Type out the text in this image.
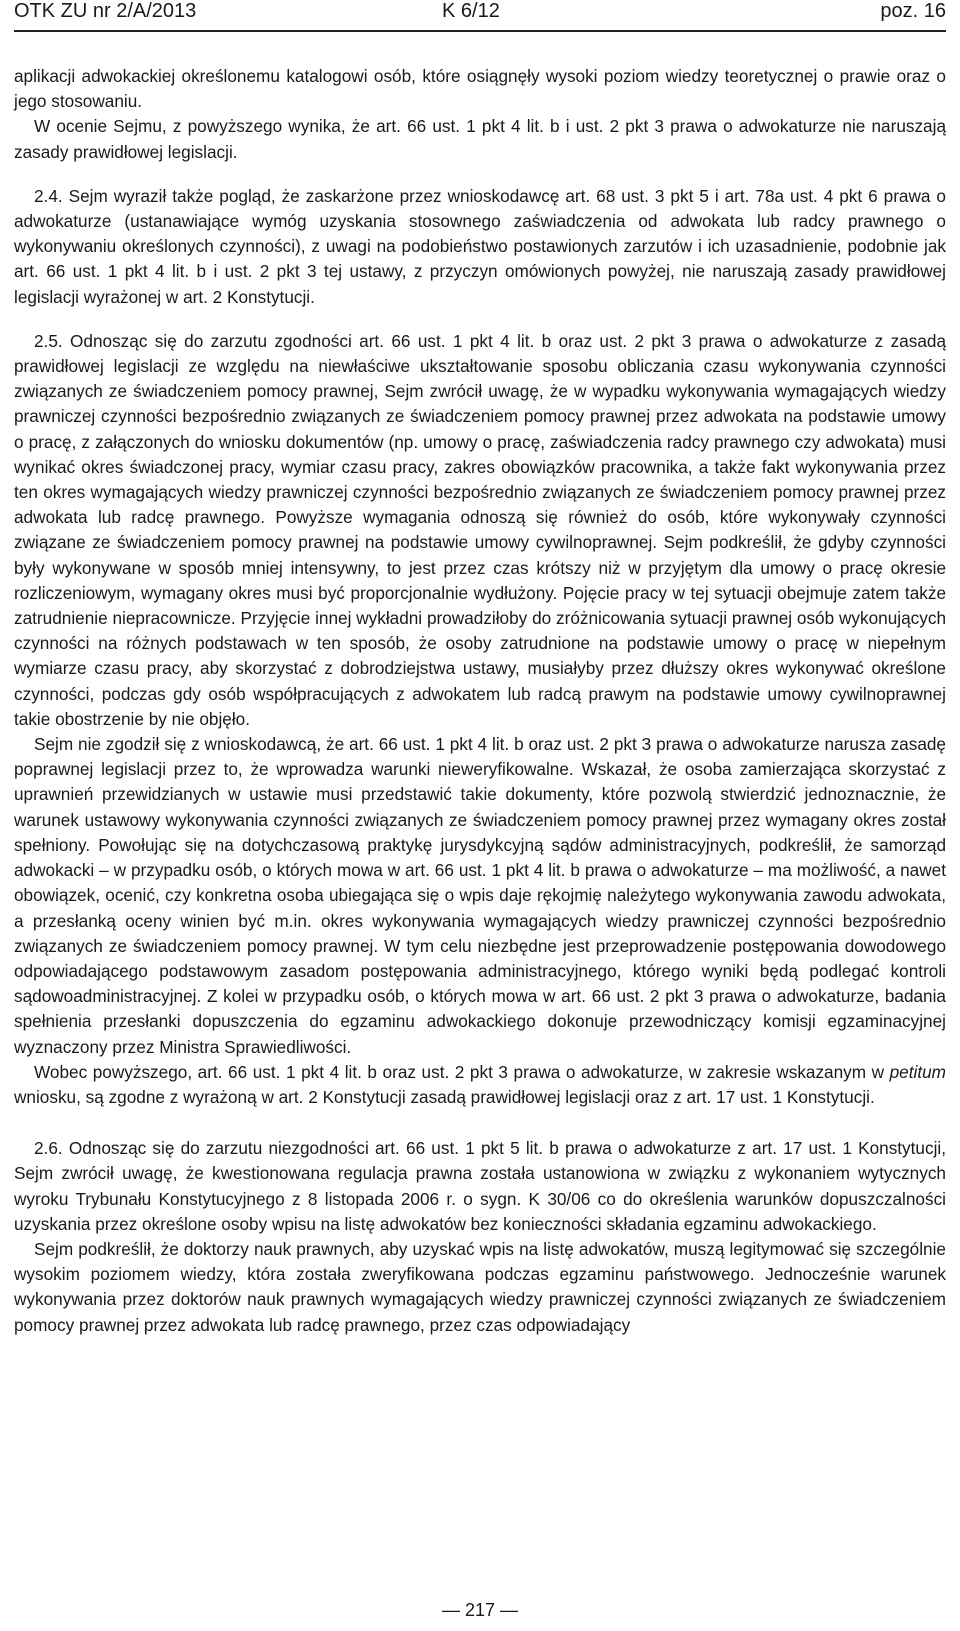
OTK ZU nr 2/A/2013	K 6/12	poz. 16

aplikacji adwokackiej określonemu katalogowi osób, które osiągnęły wysoki poziom wiedzy teoretycznej o prawie oraz o jego stosowaniu.

W ocenie Sejmu, z powyższego wynika, że art. 66 ust. 1 pkt 4 lit. b i ust. 2 pkt 3 prawa o adwokaturze nie naruszają zasady prawidłowej legislacji.

2.4. Sejm wyraził także pogląd, że zaskarżone przez wnioskodawcę art. 68 ust. 3 pkt 5 i art. 78a ust. 4 pkt 6 prawa o adwokaturze (ustanawiające wymóg uzyskania stosownego zaświadczenia od adwokata lub radcy prawnego o wykonywaniu określonych czynności), z uwagi na podobieństwo postawionych zarzutów i ich uzasadnienie, podobnie jak art. 66 ust. 1 pkt 4 lit. b i ust. 2 pkt 3 tej ustawy, z przyczyn omówionych powyżej, nie naruszają zasady prawidłowej legislacji wyrażonej w art. 2 Konstytucji.

2.5. Odnosząc się do zarzutu zgodności art. 66 ust. 1 pkt 4 lit. b oraz ust. 2 pkt 3 prawa o adwokaturze z zasadą prawidłowej legislacji ze względu na niewłaściwe ukształtowanie sposobu obliczania czasu wykonywania czynności związanych ze świadczeniem pomocy prawnej, Sejm zwrócił uwagę, że w wypadku wykonywania wymagających wiedzy prawniczej czynności bezpośrednio związanych ze świadczeniem pomocy prawnej przez adwokata na podstawie umowy o pracę, z załączonych do wniosku dokumentów (np. umowy o pracę, zaświadczenia radcy prawnego czy adwokata) musi wynikać okres świadczonej pracy, wymiar czasu pracy, zakres obowiązków pracownika, a także fakt wykonywania przez ten okres wymagających wiedzy prawniczej czynności bezpośrednio związanych ze świadczeniem pomocy prawnej przez adwokata lub radcę prawnego. Powyższe wymagania odnoszą się również do osób, które wykonywały czynności związane ze świadczeniem pomocy prawnej na podstawie umowy cywilnoprawnej. Sejm podkreślił, że gdyby czynności były wykonywane w sposób mniej intensywny, to jest przez czas krótszy niż w przyjętym dla umowy o pracę okresie rozliczeniowym, wymagany okres musi być proporcjonalnie wydłużony. Pojęcie pracy w tej sytuacji obejmuje zatem także zatrudnienie niepracownicze. Przyjęcie innej wykładni prowadziłoby do zróżnicowania sytuacji prawnej osób wykonujących czynności na różnych podstawach w ten sposób, że osoby zatrudnione na podstawie umowy o pracę w niepełnym wymiarze czasu pracy, aby skorzystać z dobrodziejstwa ustawy, musiałyby przez dłuższy okres wykonywać określone czynności, podczas gdy osób współpracujących z adwokatem lub radcą prawym na podstawie umowy cywilnoprawnej takie obostrzenie by nie objęło.

Sejm nie zgodził się z wnioskodawcą, że art. 66 ust. 1 pkt 4 lit. b oraz ust. 2 pkt 3 prawa o adwokaturze narusza zasadę poprawnej legislacji przez to, że wprowadza warunki nieweryfikowalne. Wskazał, że osoba zamierzająca skorzystać z uprawnień przewidzianych w ustawie musi przedstawić takie dokumenty, które pozwolą stwierdzić jednoznacznie, że warunek ustawowy wykonywania czynności związanych ze świadczeniem pomocy prawnej przez wymagany okres został spełniony. Powołując się na dotychczasową praktykę jurysdykcyjną sądów administracyjnych, podkreślił, że samorząd adwokacki – w przypadku osób, o których mowa w art. 66 ust. 1 pkt 4 lit. b prawa o adwokaturze – ma możliwość, a nawet obowiązek, ocenić, czy konkretna osoba ubiegająca się o wpis daje rękojmię należytego wykonywania zawodu adwokata, a przesłanką oceny winien być m.in. okres wykonywania wymagających wiedzy prawniczej czynności bezpośrednio związanych ze świadczeniem pomocy prawnej. W tym celu niezbędne jest przeprowadzenie postępowania dowodowego odpowiadającego podstawowym zasadom postępowania administracyjnego, którego wyniki będą podlegać kontroli sądowoadministracyjnej. Z kolei w przypadku osób, o których mowa w art. 66 ust. 2 pkt 3 prawa o adwokaturze, badania spełnienia przesłanki dopuszczenia do egzaminu adwokackiego dokonuje przewodniczący komisji egzaminacyjnej wyznaczony przez Ministra Sprawiedliwości.

Wobec powyższego, art. 66 ust. 1 pkt 4 lit. b oraz ust. 2 pkt 3 prawa o adwokaturze, w zakresie wskazanym w petitum wniosku, są zgodne z wyrażoną w art. 2 Konstytucji zasadą prawidłowej legislacji oraz z art. 17 ust. 1 Konstytucji.

2.6. Odnosząc się do zarzutu niezgodności art. 66 ust. 1 pkt 5 lit. b prawa o adwokaturze z art. 17 ust. 1 Konstytucji, Sejm zwrócił uwagę, że kwestionowana regulacja prawna została ustanowiona w związku z wykonaniem wytycznych wyroku Trybunału Konstytucyjnego z 8 listopada 2006 r. o sygn. K 30/06 co do określenia warunków dopuszczalności uzyskania przez określone osoby wpisu na listę adwokatów bez konieczności składania egzaminu adwokackiego.

Sejm podkreślił, że doktorzy nauk prawnych, aby uzyskać wpis na listę adwokatów, muszą legitymować się szczególnie wysokim poziomem wiedzy, która została zweryfikowana podczas egzaminu państwowego. Jednocześnie warunek wykonywania przez doktorów nauk prawnych wymagających wiedzy prawniczej czynności związanych ze świadczeniem pomocy prawnej przez adwokata lub radcę prawnego, przez czas odpowiadający

— 217 —
